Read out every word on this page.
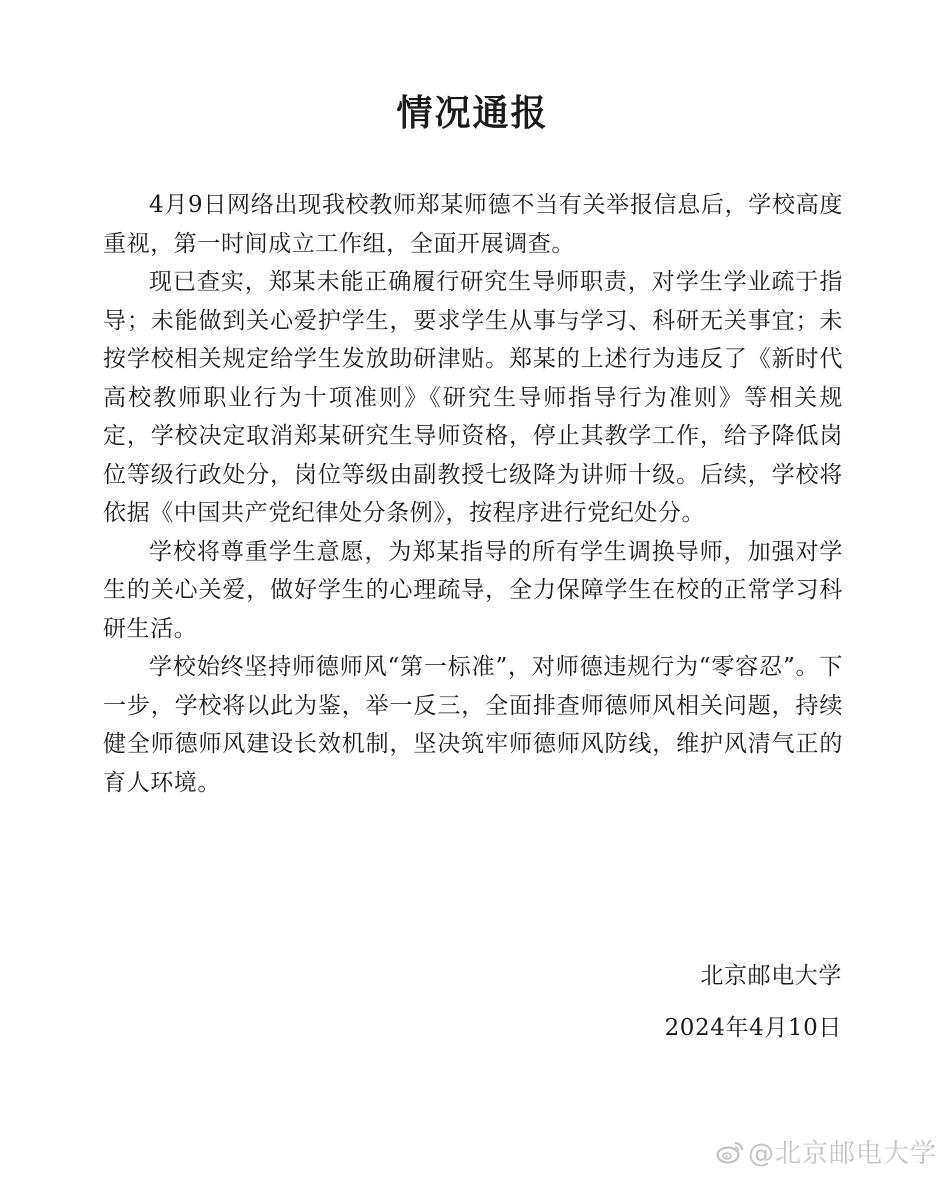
情况通报

4月9日网络出现我校教师郑某师德不当有关举报信息后，学校高度重视，第一时间成立工作组，全面开展调查。

现已查实，郑某未能正确履行研究生导师职责，对学生学业疏于指导；未能做到关心爱护学生，要求学生从事与学习、科研无关事宜；未按学校相关规定给学生发放助研津贴。郑某的上述行为违反了《新时代高校教师职业行为十项准则》《研究生导师指导行为准则》等相关规定，学校决定取消郑某研究生导师资格，停止其教学工作，给予降低岗位等级行政处分，岗位等级由副教授七级降为讲师十级。后续，学校将依据《中国共产党纪律处分条例》，按程序进行党纪处分。

学校将尊重学生意愿，为郑某指导的所有学生调换导师，加强对学生的关心关爱，做好学生的心理疏导，全力保障学生在校的正常学习科研生活。

学校始终坚持师德师风“第一标准”，对师德违规行为“零容忍”。下一步，学校将以此为鉴，举一反三，全面排查师德师风相关问题，持续健全师德师风建设长效机制，坚决筑牢师德师风防线，维护风清气正的育人环境。

北京邮电大学
2024年4月10日
@北京邮电大学
